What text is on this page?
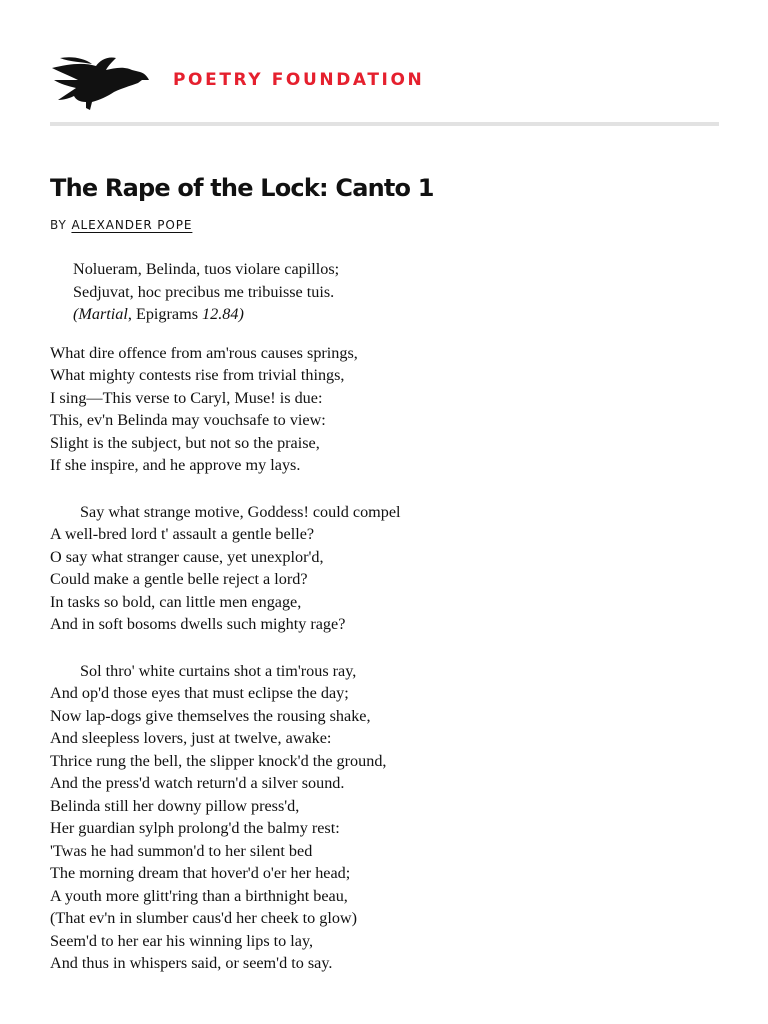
POETRY FOUNDATION
The Rape of the Lock: Canto 1
BY ALEXANDER POPE
Nolueram, Belinda, tuos violare capillos;
Sedjuvat, hoc precibus me tribuisse tuis.
(Martial, Epigrams 12.84)
What dire offence from am'rous causes springs,
What mighty contests rise from trivial things,
I sing—This verse to Caryl, Muse! is due:
This, ev'n Belinda may vouchsafe to view:
Slight is the subject, but not so the praise,
If she inspire, and he approve my lays.
Say what strange motive, Goddess! could compel
A well-bred lord t' assault a gentle belle?
O say what stranger cause, yet unexplor'd,
Could make a gentle belle reject a lord?
In tasks so bold, can little men engage,
And in soft bosoms dwells such mighty rage?
Sol thro' white curtains shot a tim'rous ray,
And op'd those eyes that must eclipse the day;
Now lap-dogs give themselves the rousing shake,
And sleepless lovers, just at twelve, awake:
Thrice rung the bell, the slipper knock'd the ground,
And the press'd watch return'd a silver sound.
Belinda still her downy pillow press'd,
Her guardian sylph prolong'd the balmy rest:
'Twas he had summon'd to her silent bed
The morning dream that hover'd o'er her head;
A youth more glitt'ring than a birthnight beau,
(That ev'n in slumber caus'd her cheek to glow)
Seem'd to her ear his winning lips to lay,
And thus in whispers said, or seem'd to say.
